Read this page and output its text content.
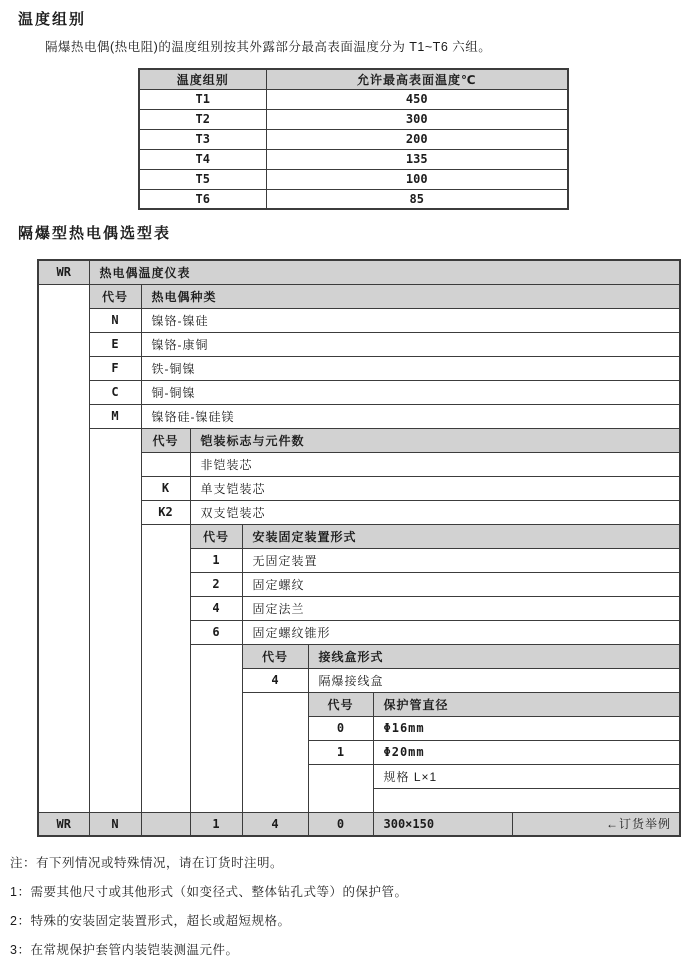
温度组别
隔爆热电偶(热电阻)的温度组别按其外露部分最高表面温度分为 T1~T6 六组。
温度组别	允许最高表面温度℃
T1	450
T2	300
T3	200
T4	135
T5	100
T6	85
隔爆型热电偶选型表
WR	热电偶温度仪表						
	代号	热电偶种类					
	N	镍铬-镍硅					
	E	镍铬-康铜					
	F	铁-铜镍					
	C	铜-铜镍					
	M	镍铬硅-镍硅镁					
		代号	铠装标志与元件数				
			非铠装芯				
		K	单支铠装芯				
		K2	双支铠装芯				
			代号	安装固定装置形式			
			1	无固定装置			
			2	固定螺纹			
			4	固定法兰			
			6	固定螺纹锥形			
				代号	接线盒形式		
				4	隔爆接线盒		
					代号	保护管直径	
					0	Φ16mm	
					1	Φ20mm	
						规格 L×1	

WR	N		1	4	0	300×150	←订货举例
注：有下列情况或特殊情况，请在订货时注明。
1：需要其他尺寸或其他形式（如变径式、整体钻孔式等）的保护管。
2：特殊的安装固定装置形式，超长或超短规格。
3：在常规保护套管内装铠装测温元件。
